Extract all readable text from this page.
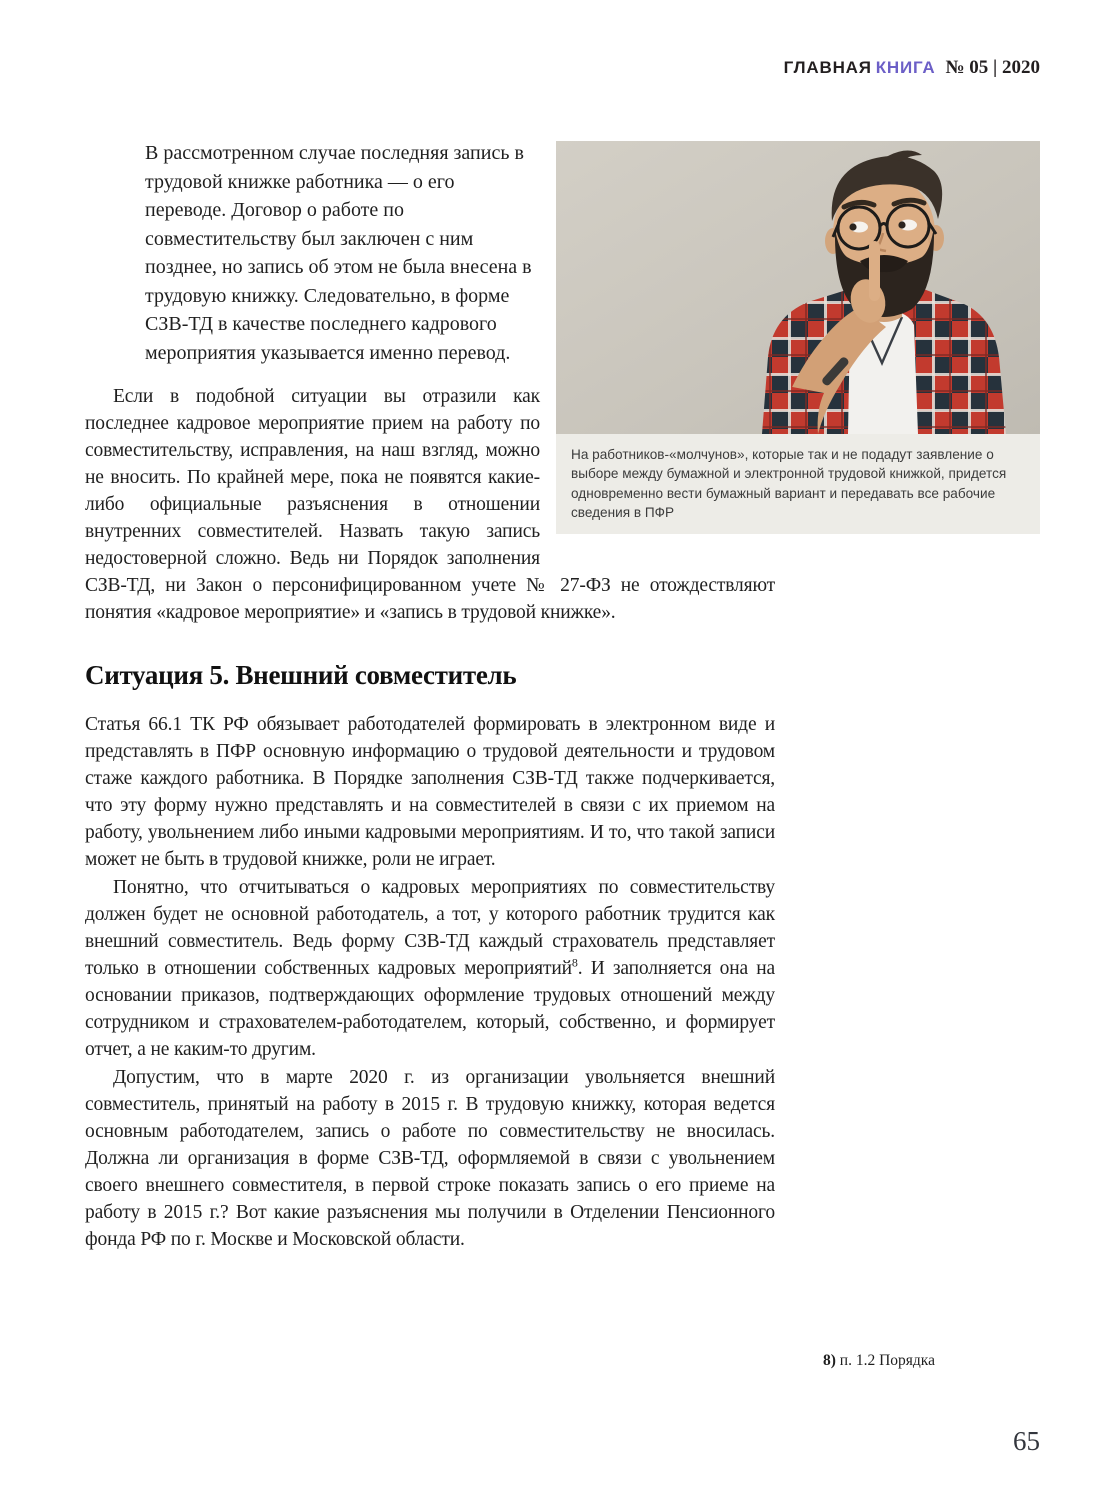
ГЛАВНАЯ КНИГА № 05 | 2020
На работников-«молчунов», которые так и не подадут заявление о выборе между бумажной и электронной трудовой книжкой, придется одновременно вести бумажный вариант и передавать все рабочие сведения в ПФР

В рассмотренном случае последняя запись в трудовой книжке работника — о его переводе. Договор о работе по совместительству был заключен с ним позднее, но запись об этом не была внесена в трудовую книжку. Следовательно, в форме СЗВ-ТД в качестве последнего кадрового мероприятия указывается именно перевод.

Если в подобной ситуации вы отразили как последнее кадровое мероприятие прием на работу по совместительству, исправления, на наш взгляд, можно не вносить. По крайней мере, пока не появятся какие-либо официальные разъяснения в отношении внутренних совместителей. Назвать такую запись недостоверной сложно. Ведь ни Порядок заполнения СЗВ-ТД, ни Закон о персонифицированном учете № 27-ФЗ не отождествляют понятия «кадровое мероприятие» и «запись в трудовой книжке».

Ситуация 5. Внешний совместитель

Статья 66.1 ТК РФ обязывает работодателей формировать в электронном виде и представлять в ПФР основную информацию о трудовой деятельности и трудовом стаже каждого работника. В Порядке заполнения СЗВ-ТД также подчеркивается, что эту форму нужно представлять и на совместителей в связи с их приемом на работу, увольнением либо иными кадровыми мероприятиям. И то, что такой записи может не быть в трудовой книжке, роли не играет.

Понятно, что отчитываться о кадровых мероприятиях по совместительству должен будет не основной работодатель, а тот, у которого работник трудится как внешний совместитель. Ведь форму СЗВ-ТД каждый страхователь представляет только в отношении собственных кадровых мероприятий$^8$. И заполняется она на основании приказов, подтверждающих оформление трудовых отношений между сотрудником и страхователем-работодателем, который, собственно, и формирует отчет, а не каким-то другим.

Допустим, что в марте 2020 г. из организации увольняется внешний совместитель, принятый на работу в 2015 г. В трудовую книжку, которая ведется основным работодателем, запись о работе по совместительству не вносилась. Должна ли организация в форме СЗВ-ТД, оформляемой в связи с увольнением своего внешнего совместителя, в первой строке показать запись о его приеме на работу в 2015 г.? Вот какие разъяснения мы получили в Отделении Пенсионного фонда РФ по г. Москве и Московской области.

8) п. 1.2 Порядка
65
